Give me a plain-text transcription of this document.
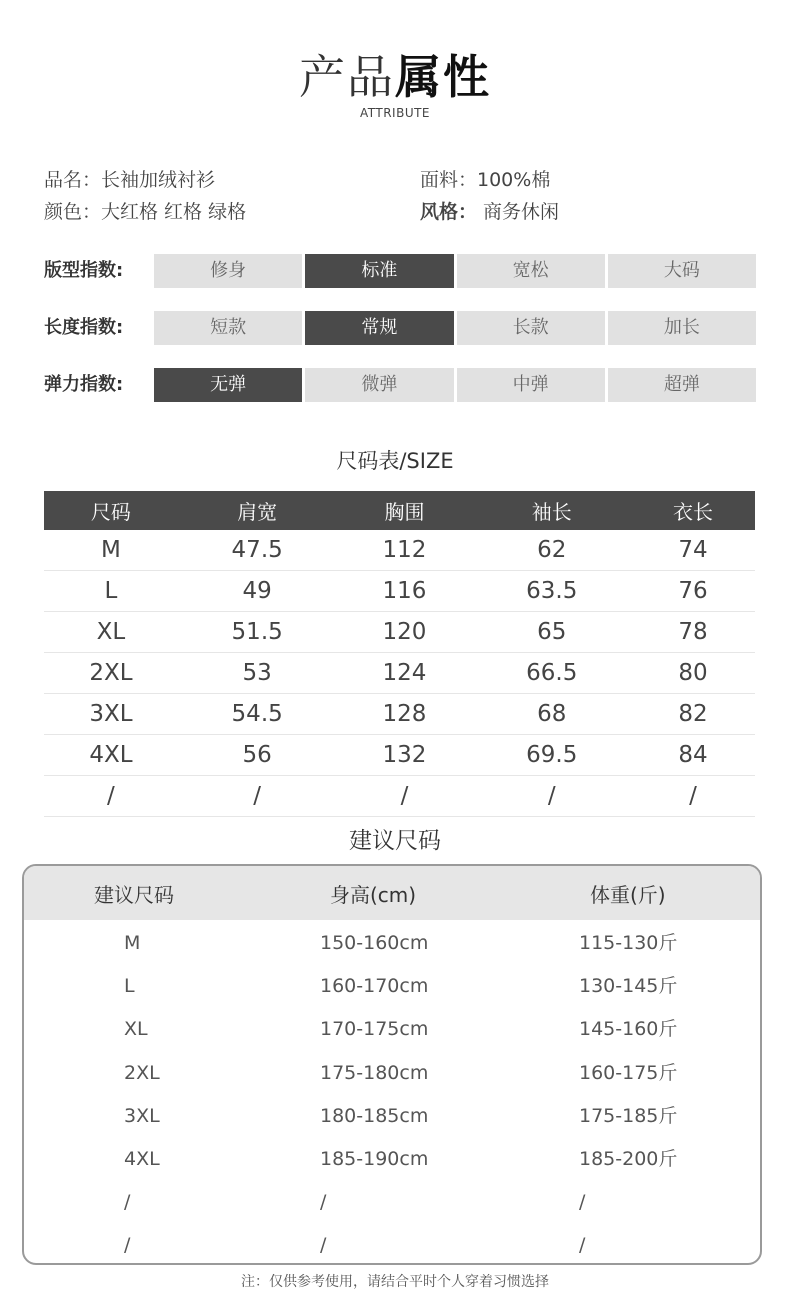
产品属性
ATTRIBUTE
品名：长袖加绒衬衫	面料：100%棉
颜色：大红格 红格 绿格	风格： 商务休闲
版型指数:	修身	标准	宽松	大码
长度指数:	短款	常规	长款	加长
弹力指数:	无弹	微弹	中弹	超弹
尺码表/SIZE
尺码	肩宽	胸围	袖长	衣长
M	47.5	112	62	74
L	49	116	63.5	76
XL	51.5	120	65	78
2XL	53	124	66.5	80
3XL	54.5	128	68	82
4XL	56	132	69.5	84
/	/	/	/	/
建议尺码
建议尺码	身高(cm)	体重(斤)
M	150-160cm	115-130斤
L	160-170cm	130-145斤
XL	170-175cm	145-160斤
2XL	175-180cm	160-175斤
3XL	180-185cm	175-185斤
4XL	185-190cm	185-200斤
/	/	/
/	/	/
注：仅供参考使用，请结合平时个人穿着习惯选择
